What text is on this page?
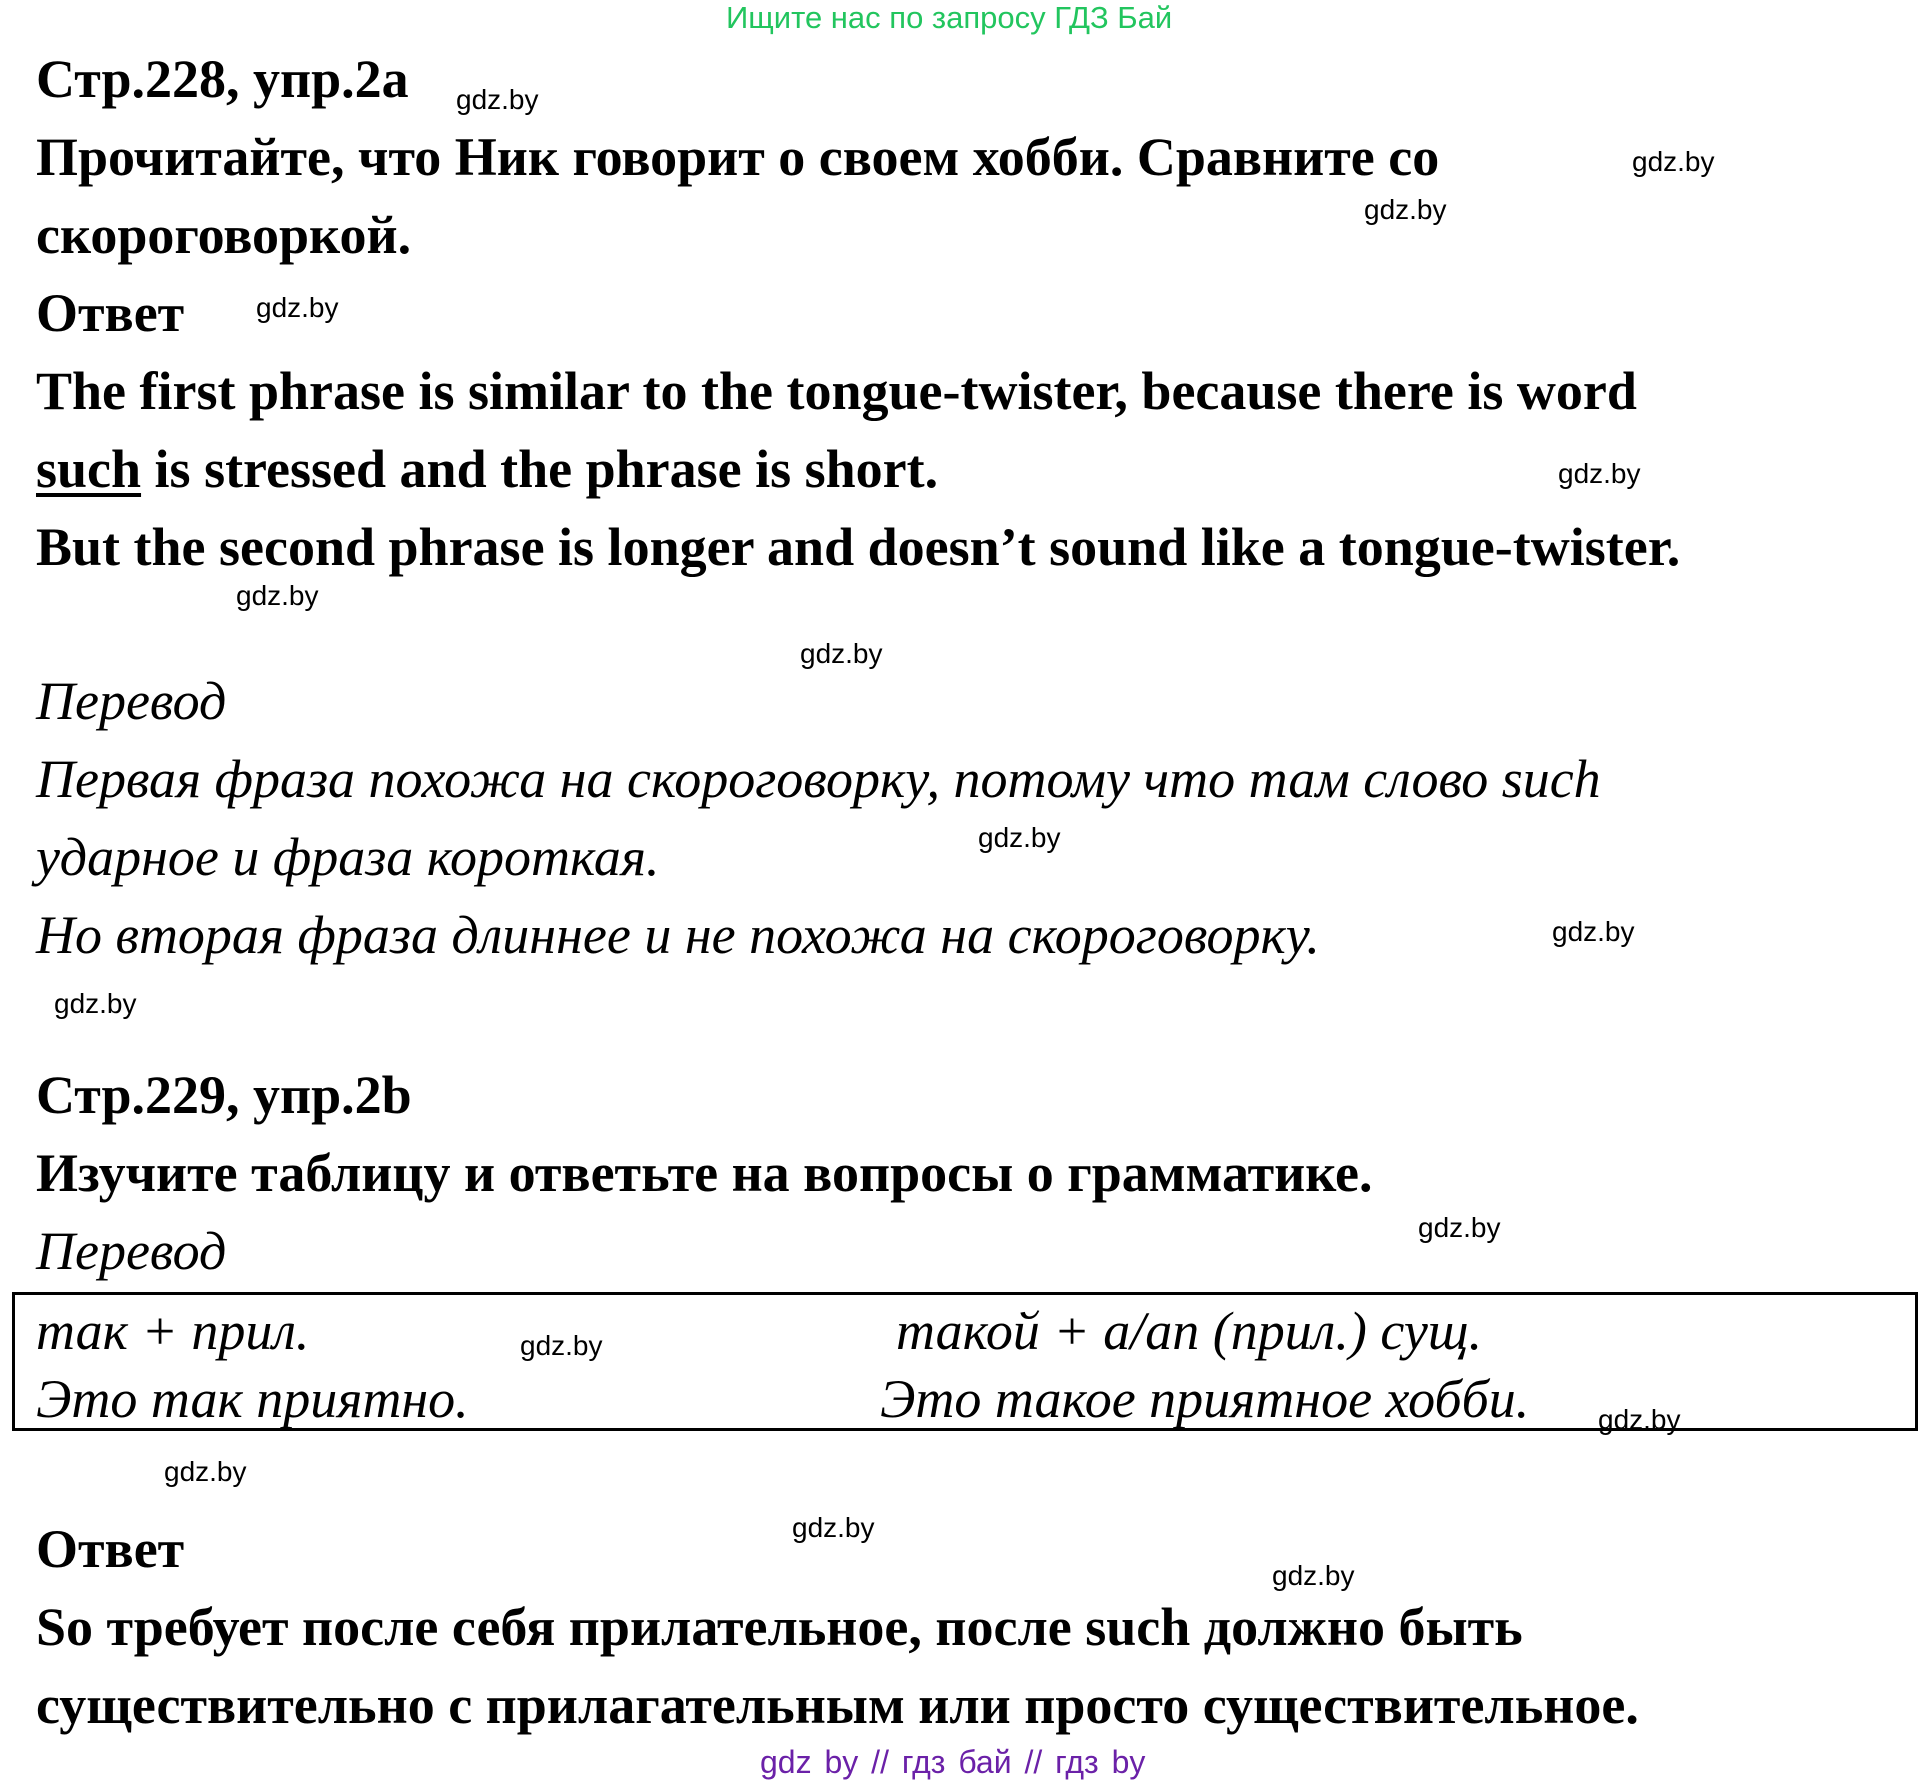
Ищите нас по запросу ГДЗ Бай
Стр.228, упр.2a
Прочитайте, что Ник говорит о своем хобби. Сравните со
скороговоркой.
Ответ
The first phrase is similar to the tongue-twister, because there is word
such is stressed and the phrase is short.
But the second phrase is longer and doesn’t sound like a tongue-twister.
Перевод
Первая фраза похожа на скороговорку, потому что там слово such
ударное и фраза короткая.
Но вторая фраза длиннее и не похожа на скороговорку.
Стр.229, упр.2b
Изучите таблицу и ответьте на вопросы о грамматике.
Перевод
так + прил.
Это так приятно.
такой + a/an (прил.) сущ.
Это такое приятное хобби.
Ответ
So требует после себя прилательное, после such должно быть
существительно с прилагательным или просто существительное.
gdz.by
gdz.by
gdz.by
gdz.by
gdz.by
gdz.by
gdz.by
gdz.by
gdz.by
gdz.by
gdz.by
gdz.by
gdz.by
gdz.by
gdz.by
gdz.by
gdz by // гдз бай // гдз by
